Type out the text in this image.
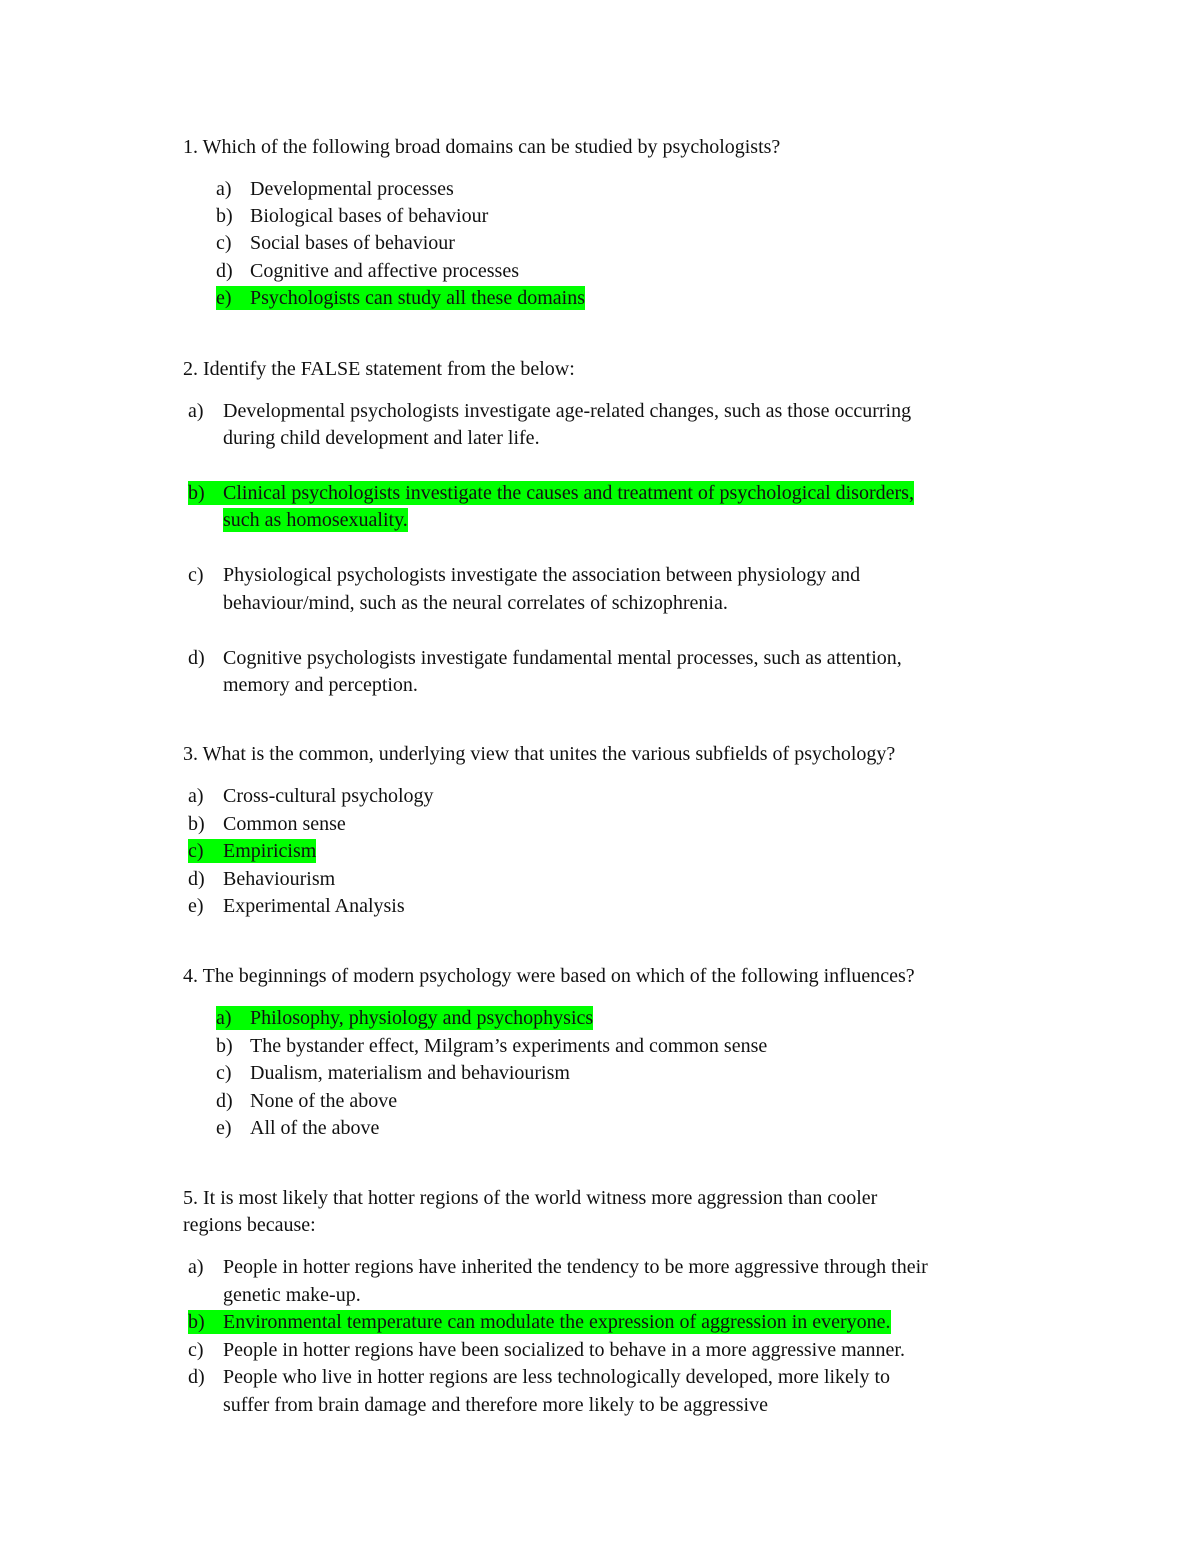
1. Which of the following broad domains can be studied by psychologists?
a) Developmental processes
b) Biological bases of behaviour
c) Social bases of behaviour
d) Cognitive and affective processes
e) Psychologists can study all these domains
2. Identify the FALSE statement from the below:
a) Developmental psychologists investigate age-related changes, such as those occurring
during child development and later life.
b) Clinical psychologists investigate the causes and treatment of psychological disorders,
such as homosexuality.
c) Physiological psychologists investigate the association between physiology and
behaviour/mind, such as the neural correlates of schizophrenia.
d) Cognitive psychologists investigate fundamental mental processes, such as attention,
memory and perception.
3. What is the common, underlying view that unites the various subfields of psychology?
a) Cross-cultural psychology
b) Common sense
c) Empiricism
d) Behaviourism
e) Experimental Analysis
4. The beginnings of modern psychology were based on which of the following influences?
a) Philosophy, physiology and psychophysics
b) The bystander effect, Milgram’s experiments and common sense
c) Dualism, materialism and behaviourism
d) None of the above
e) All of the above
5. It is most likely that hotter regions of the world witness more aggression than cooler
regions because:
a) People in hotter regions have inherited the tendency to be more aggressive through their
genetic make-up.
b) Environmental temperature can modulate the expression of aggression in everyone.
c) People in hotter regions have been socialized to behave in a more aggressive manner.
d) People who live in hotter regions are less technologically developed, more likely to
suffer from brain damage and therefore more likely to be aggressive
